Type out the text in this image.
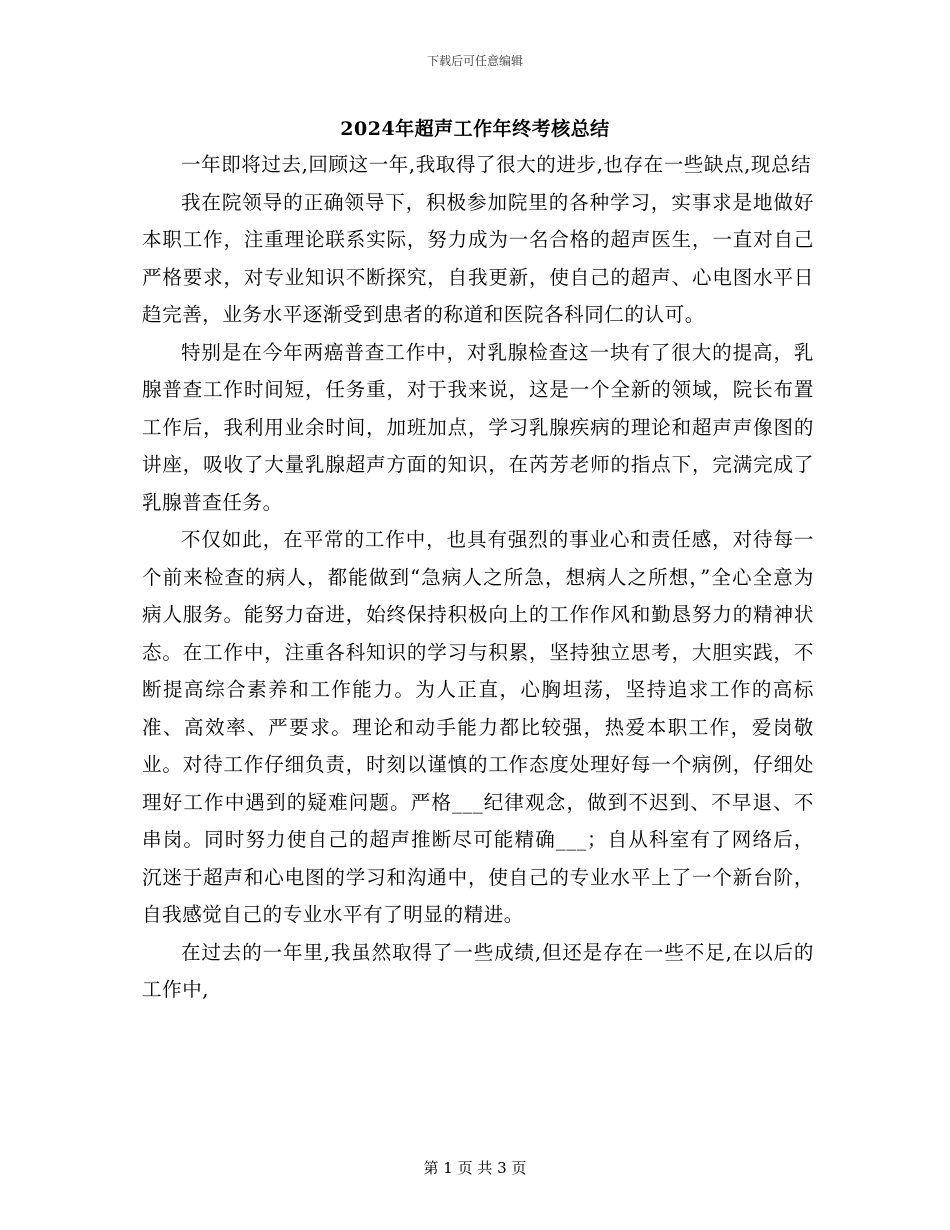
下载后可任意编辑
2024年超声工作年终考核总结

一年即将过去,回顾这一年,我取得了很大的进步,也存在一些缺点,现总结

我在院领导的正确领导下，积极参加院里的各种学习，实事求是地做好本职工作，注重理论联系实际，努力成为一名合格的超声医生，一直对自己严格要求，对专业知识不断探究，自我更新，使自己的超声、心电图水平日趋完善，业务水平逐渐受到患者的称道和医院各科同仁的认可。

特别是在今年两癌普查工作中，对乳腺检查这一块有了很大的提高，乳腺普查工作时间短，任务重，对于我来说，这是一个全新的领域，院长布置工作后，我利用业余时间，加班加点，学习乳腺疾病的理论和超声声像图的讲座，吸收了大量乳腺超声方面的知识，在芮芳老师的指点下，完满完成了乳腺普查任务。

不仅如此，在平常的工作中，也具有强烈的事业心和责任感，对待每一个前来检查的病人，都能做到“急病人之所急，想病人之所想，”全心全意为病人服务。能努力奋进，始终保持积极向上的工作作风和勤恳努力的精神状态。在工作中，注重各科知识的学习与积累，坚持独立思考，大胆实践，不断提高综合素养和工作能力。为人正直，心胸坦荡，坚持追求工作的高标准、高效率、严要求。理论和动手能力都比较强，热爱本职工作，爱岗敬业。对待工作仔细负责，时刻以谨慎的工作态度处理好每一个病例，仔细处理好工作中遇到的疑难问题。严格___纪律观念，做到不迟到、不早退、不串岗。同时努力使自己的超声推断尽可能精确___；自从科室有了网络后，沉迷于超声和心电图的学习和沟通中，使自己的专业水平上了一个新台阶，自我感觉自己的专业水平有了明显的精进。

在过去的一年里,我虽然取得了一些成绩,但还是存在一些不足,在以后的工作中,

第 1 页 共 3 页
